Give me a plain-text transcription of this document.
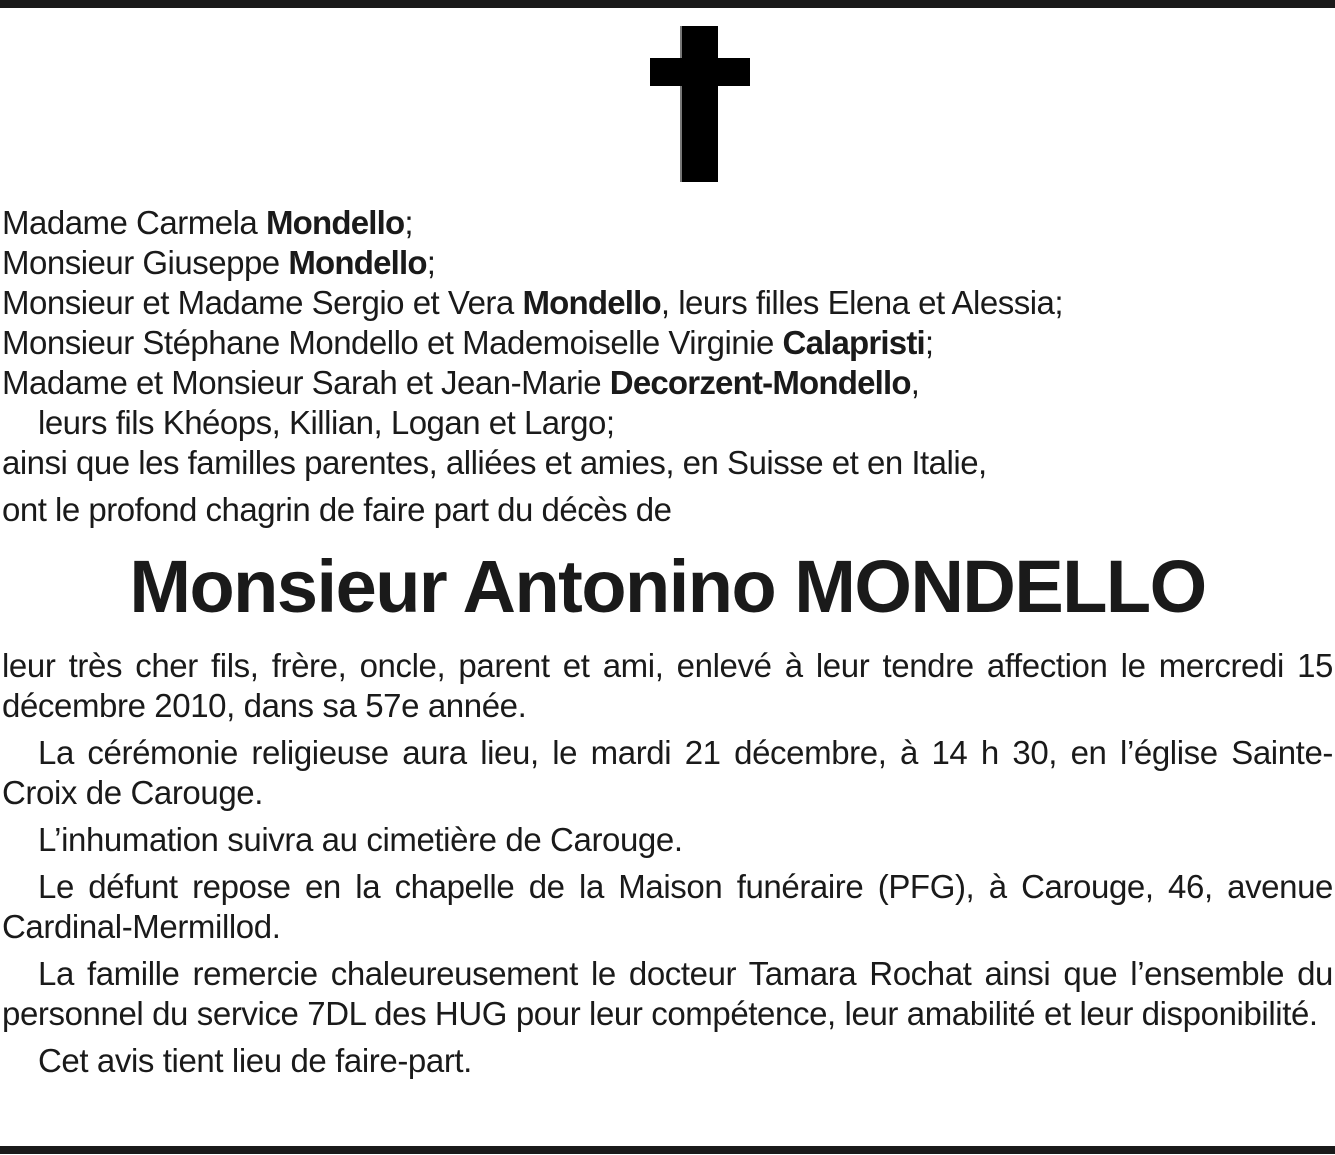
Madame Carmela Mondello;
Monsieur Giuseppe Mondello;
Monsieur et Madame Sergio et Vera Mondello, leurs filles Elena et Alessia;
Monsieur Stéphane Mondello et Mademoiselle Virginie Calapristi;
Madame et Monsieur Sarah et Jean-Marie Decorzent-Mondello,
leurs fils Khéops, Killian, Logan et Largo;
ainsi que les familles parentes, alliées et amies, en Suisse et en Italie,
ont le profond chagrin de faire part du décès de
Monsieur Antonino MONDELLO

leur très cher fils, frère, oncle, parent et ami, enlevé à leur tendre affection le mercredi 15 décembre 2010, dans sa 57e année.

La cérémonie religieuse aura lieu, le mardi 21 décembre, à 14 h 30, en l’église Sainte-Croix de Carouge.

L’inhumation suivra au cimetière de Carouge.

Le défunt repose en la chapelle de la Maison funéraire (PFG), à Carouge, 46, avenue Cardinal-Mermillod.

La famille remercie chaleureusement le docteur Tamara Rochat ainsi que l’ensemble du personnel du service 7DL des HUG pour leur compétence, leur amabilité et leur disponibilité.

Cet avis tient lieu de faire-part.
